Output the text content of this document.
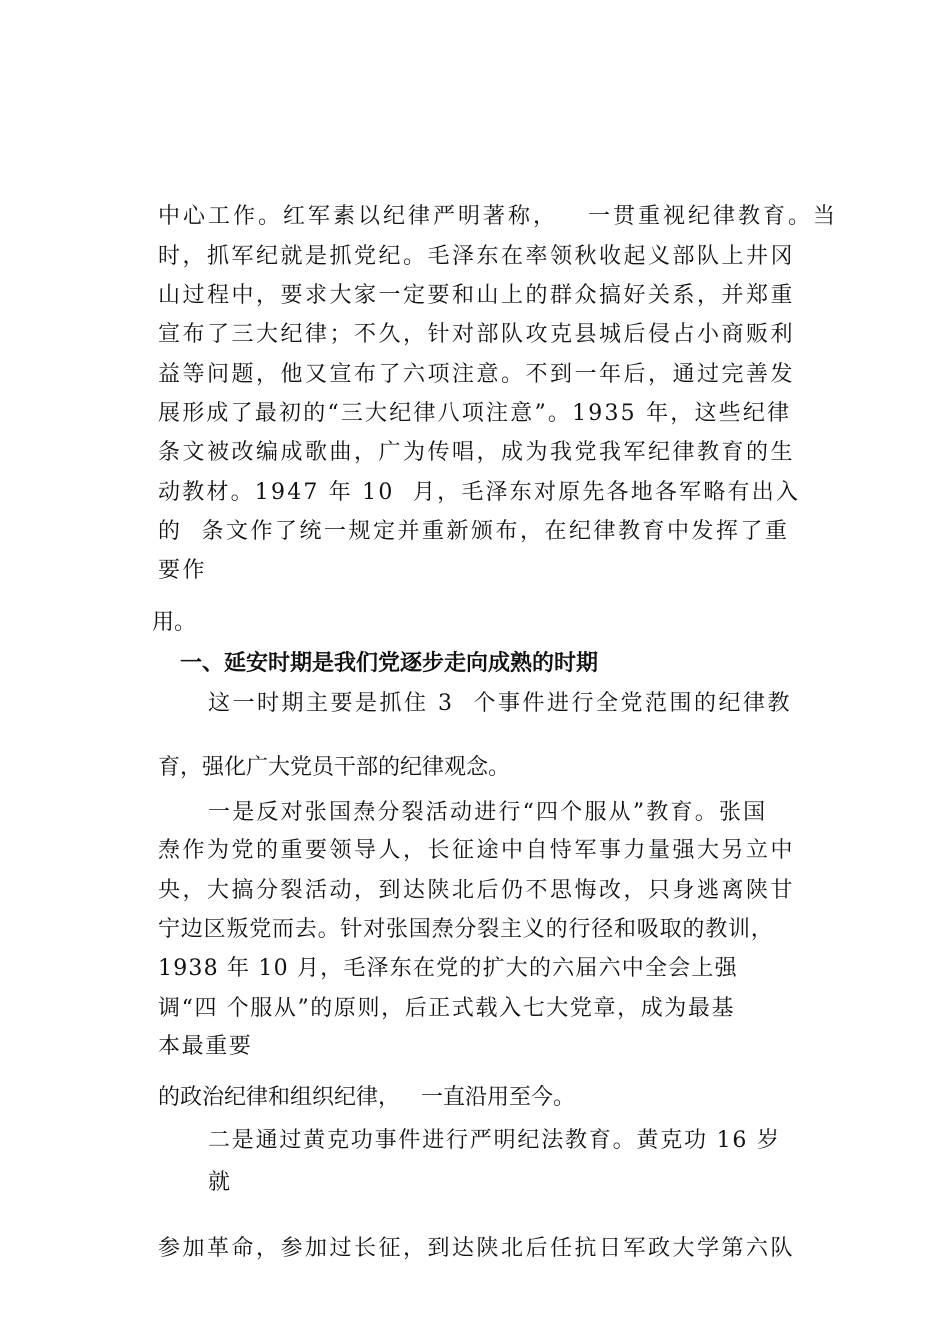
中心工作。红军素以纪律严明著称，   一贯重视纪律教育。当

时，抓军纪就是抓党纪。毛泽东在率领秋收起义部队上井冈

山过程中，要求大家一定要和山上的群众搞好关系，并郑重

宣布了三大纪律；不久，针对部队攻克县城后侵占小商贩利

益等问题，他又宣布了六项注意。不到一年后，通过完善发

展形成了最初的“三大纪律八项注意”。1935 年，这些纪律

条文被改编成歌曲，广为传唱，成为我党我军纪律教育的生

动教材。1947 年 10  月，毛泽东对原先各地各军略有出入

的  条文作了统一规定并重新颁布，在纪律教育中发挥了重

要作

用。

一、延安时期是我们党逐步走向成熟的时期

这一时期主要是抓住 3  个事件进行全党范围的纪律教

育，强化广大党员干部的纪律观念。

一是反对张国焘分裂活动进行“四个服从”教育。张国

焘作为党的重要领导人，长征途中自恃军事力量强大另立中

央，大搞分裂活动，到达陕北后仍不思悔改，只身逃离陕甘

宁边区叛党而去。针对张国焘分裂主义的行径和吸取的教训，

1938 年 10 月，毛泽东在党的扩大的六届六中全会上强

调“四 个服从”的原则，后正式载入七大党章，成为最基

本最重要

的政治纪律和组织纪律，   一直沿用至今。

二是通过黄克功事件进行严明纪法教育。黄克功 16 岁

就

参加革命，参加过长征，到达陕北后任抗日军政大学第六队
